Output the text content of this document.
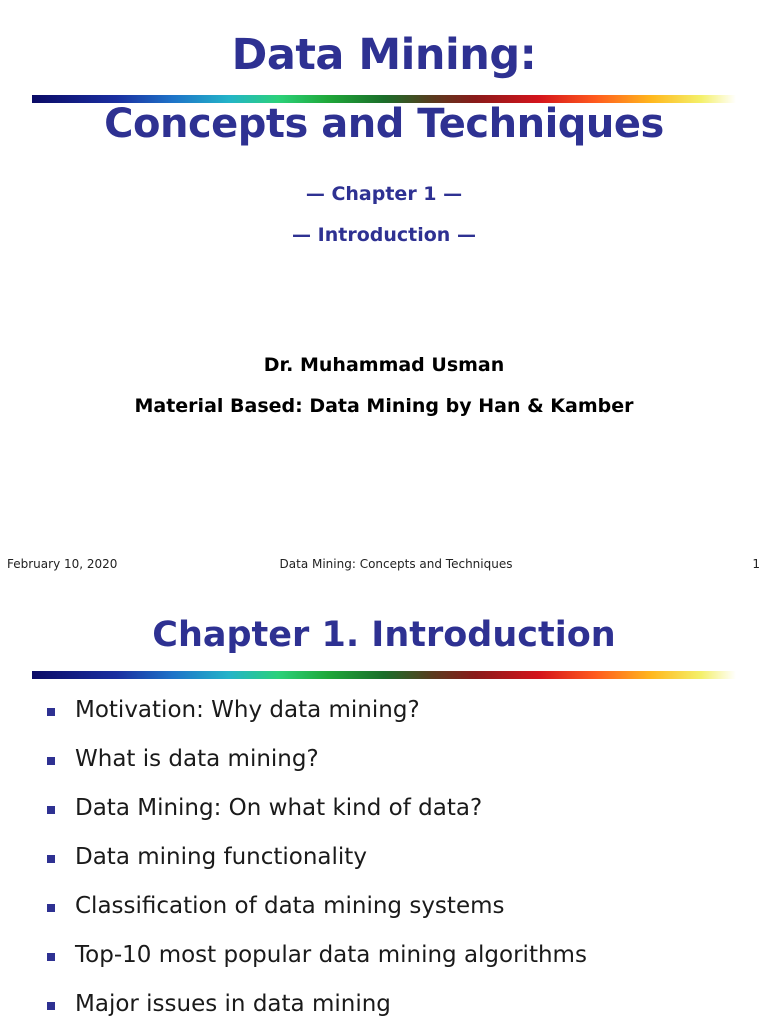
Data Mining:
Concepts and Techniques

— Chapter 1 —

— Introduction —

Dr. Muhammad Usman

Material Based: Data Mining by Han & Kamber

February 10, 2020	Data Mining: Concepts and Techniques	1

Chapter 1. Introduction
Motivation: Why data mining?
What is data mining?
Data Mining: On what kind of data?
Data mining functionality
Classification of data mining systems
Top-10 most popular data mining algorithms
Major issues in data mining
